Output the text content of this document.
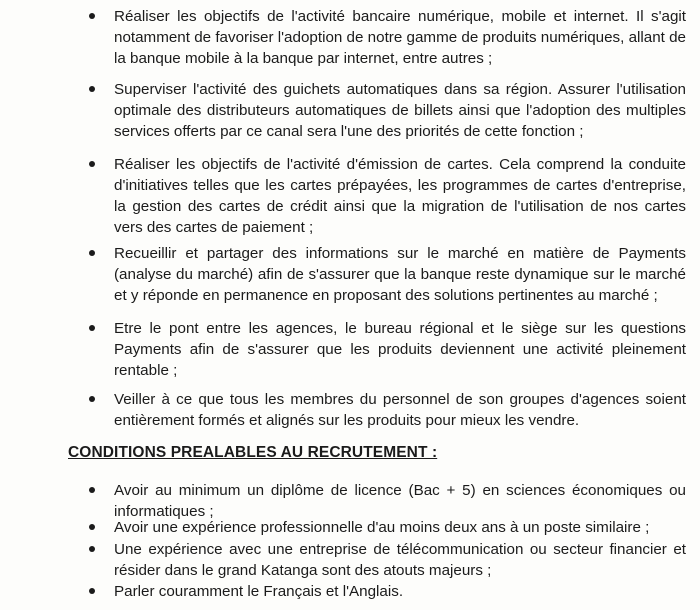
Réaliser les objectifs de l'activité bancaire numérique, mobile et internet. Il s'agit notamment de favoriser l'adoption de notre gamme de produits numériques, allant de la banque mobile à la banque par internet, entre autres ;
Superviser l'activité des guichets automatiques dans sa région. Assurer l'utilisation optimale des distributeurs automatiques de billets ainsi que l'adoption des multiples services offerts par ce canal sera l'une des priorités de cette fonction ;
Réaliser les objectifs de l'activité d'émission de cartes. Cela comprend la conduite d'initiatives telles que les cartes prépayées, les programmes de cartes d'entreprise, la gestion des cartes de crédit ainsi que la migration de l'utilisation de nos cartes vers des cartes de paiement ;
Recueillir et partager des informations sur le marché en matière de Payments (analyse du marché) afin de s'assurer que la banque reste dynamique sur le marché et y réponde en permanence en proposant des solutions pertinentes au marché ;
Etre le pont entre les agences, le bureau régional et le siège sur les questions Payments afin de s'assurer que les produits deviennent une activité pleinement rentable ;
Veiller à ce que tous les membres du personnel de son groupes d'agences soient entièrement formés et alignés sur les produits pour mieux les vendre.
CONDITIONS PREALABLES AU RECRUTEMENT :
Avoir au minimum un diplôme de licence (Bac + 5) en sciences économiques ou informatiques ;
Avoir une expérience professionnelle d'au moins deux ans à un poste similaire ;
Une expérience avec une entreprise de télécommunication ou secteur financier et résider dans le grand Katanga sont des atouts majeurs ;
Parler couramment le Français et l'Anglais.
